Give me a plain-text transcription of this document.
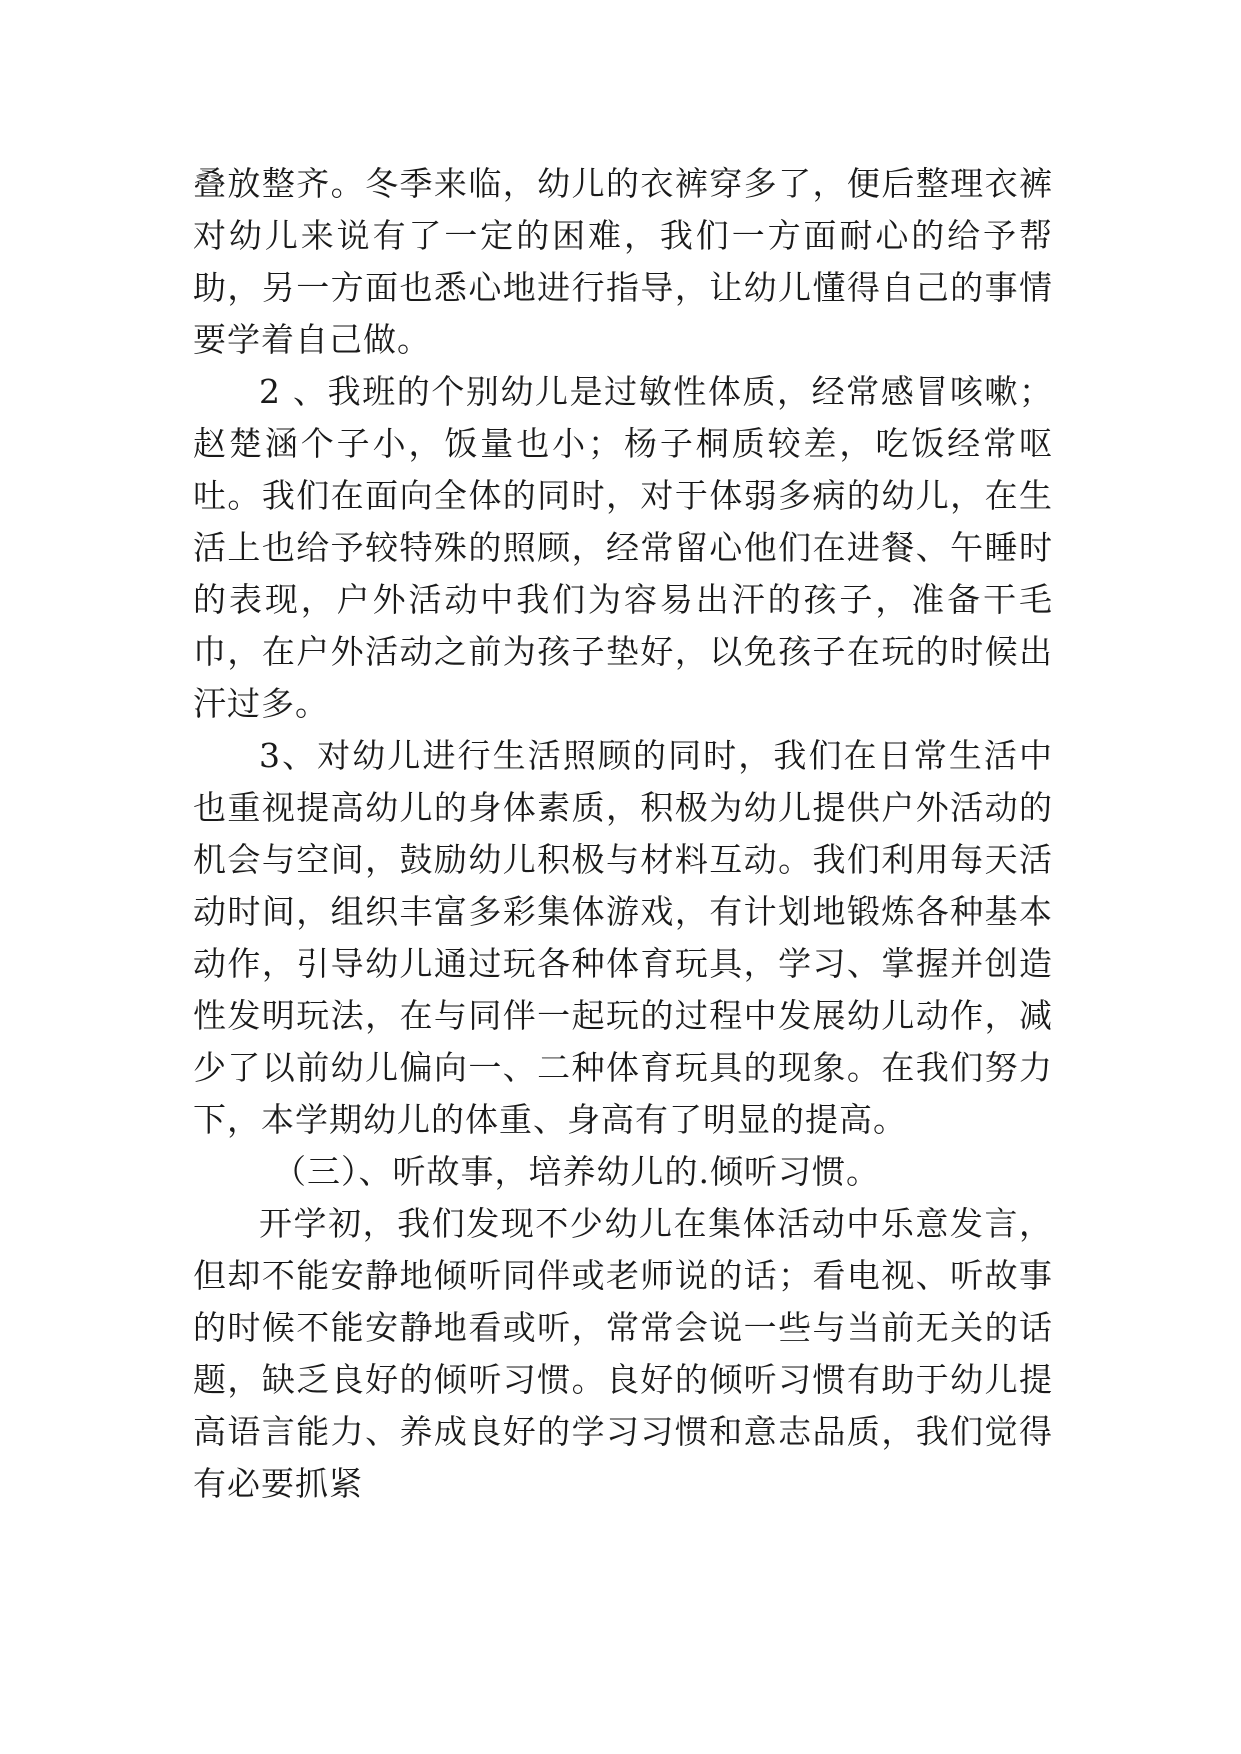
叠放整齐。冬季来临，幼儿的衣裤穿多了，便后整理衣裤对幼儿来说有了一定的困难，我们一方面耐心的给予帮助，另一方面也悉心地进行指导，让幼儿懂得自己的事情要学着自己做。

2 、我班的个别幼儿是过敏性体质，经常感冒咳嗽；赵楚涵个子小，饭量也小；杨子桐质较差，吃饭经常呕吐。我们在面向全体的同时，对于体弱多病的幼儿，在生活上也给予较特殊的照顾，经常留心他们在进餐、午睡时的表现，户外活动中我们为容易出汗的孩子，准备干毛巾，在户外活动之前为孩子垫好，以免孩子在玩的时候出汗过多。

3、对幼儿进行生活照顾的同时，我们在日常生活中也重视提高幼儿的身体素质，积极为幼儿提供户外活动的机会与空间，鼓励幼儿积极与材料互动。我们利用每天活动时间，组织丰富多彩集体游戏，有计划地锻炼各种基本动作，引导幼儿通过玩各种体育玩具，学习、掌握并创造性发明玩法，在与同伴一起玩的过程中发展幼儿动作，减少了以前幼儿偏向一、二种体育玩具的现象。在我们努力下，本学期幼儿的体重、身高有了明显的提高。

（三）、听故事，培养幼儿的.倾听习惯。

开学初，我们发现不少幼儿在集体活动中乐意发言，但却不能安静地倾听同伴或老师说的话；看电视、听故事的时候不能安静地看或听，常常会说一些与当前无关的话题，缺乏良好的倾听习惯。良好的倾听习惯有助于幼儿提高语言能力、养成良好的学习习惯和意志品质，我们觉得有必要抓紧
